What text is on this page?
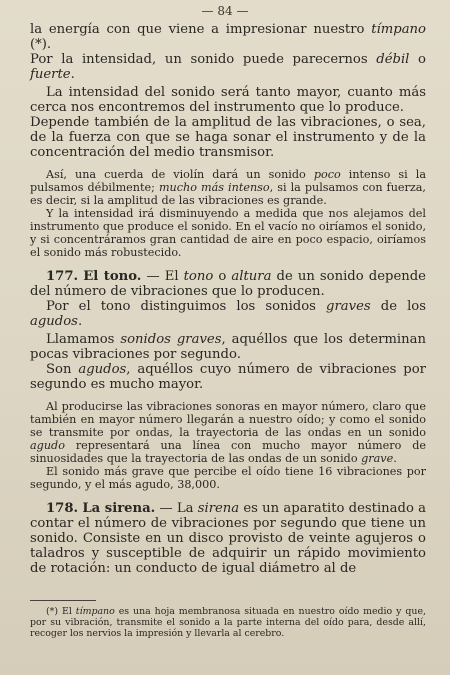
— 84 —

la energía con que viene a impresionar nuestro tímpano (*).

Por la intensidad, un sonido puede parecernos débil o fuerte.

La intensidad del sonido será tanto mayor, cuanto más cerca nos encontremos del instrumento que lo produce.

Depende también de la amplitud de las vibraciones, o sea, de la fuerza con que se haga sonar el instrumento y de la concentración del medio transmisor.

Así, una cuerda de violín dará un sonido poco intenso si la pulsamos débilmente; mucho más intenso, si la pulsamos con fuerza, es decir, si la amplitud de las vibraciones es grande.

Y la intensidad irá disminuyendo a medida que nos alejamos del instrumento que produce el sonido. En el vacío no oiríamos el sonido, y si concentráramos gran cantidad de aire en poco espacio, oiríamos el sonido más robustecido.

177. El tono. — El tono o altura de un sonido depende del número de vibraciones que lo producen.

Por el tono distinguimos los sonidos graves de los agudos.

Llamamos sonidos graves, aquéllos que los determinan pocas vibraciones por segundo.

Son agudos, aquéllos cuyo número de vibraciones por segundo es mucho mayor.

Al producirse las vibraciones sonoras en mayor número, claro que también en mayor número llegarán a nuestro oído; y como el sonido se transmite por ondas, la trayectoria de las ondas en un sonido agudo representará una línea con mucho mayor número de sinuosidades que la trayectoria de las ondas de un sonido grave.

El sonido más grave que percibe el oído tiene 16 vibraciones por segundo, y el más agudo, 38,000.

178. La sirena. — La sirena es un aparatito destinado a contar el número de vibraciones por segundo que tiene un sonido. Consiste en un disco provisto de veinte agujeros o taladros y susceptible de adquirir un rápido movimiento de rotación: un conducto de igual diámetro al de

(*) El tímpano es una hoja membranosa situada en nuestro oído medio y que, por su vibración, transmite el sonido a la parte interna del oído para, desde allí, recoger los nervios la impresión y llevarla al cerebro.
